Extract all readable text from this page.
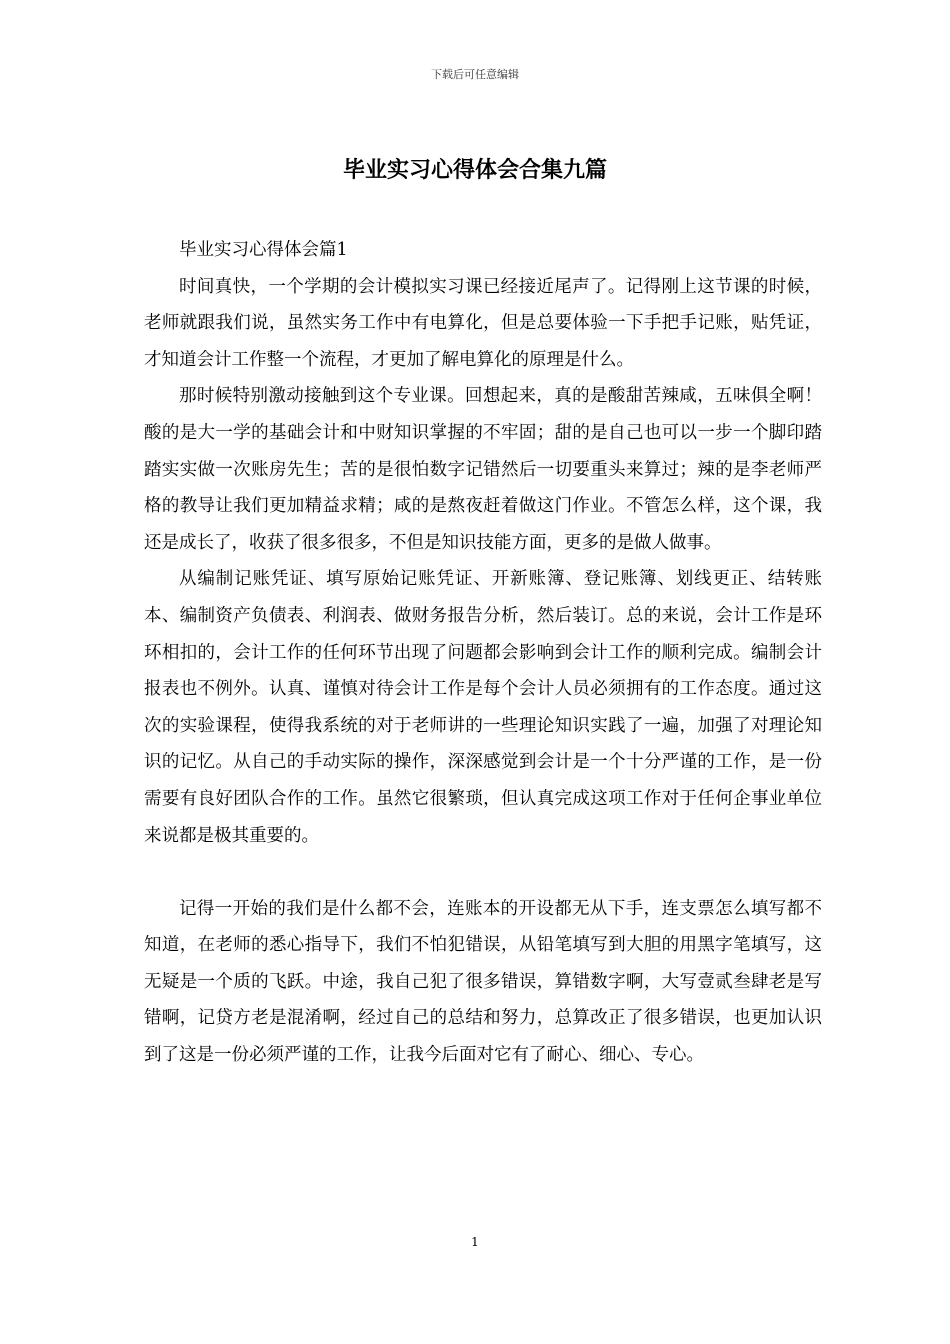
下载后可任意编辑
毕业实习心得体会合集九篇

毕业实习心得体会篇1

时间真快，一个学期的会计模拟实习课已经接近尾声了。记得刚上这节课的时候，老师就跟我们说，虽然实务工作中有电算化，但是总要体验一下手把手记账，贴凭证，才知道会计工作整一个流程，才更加了解电算化的原理是什么。

那时候特别激动接触到这个专业课。回想起来，真的是酸甜苦辣咸，五味俱全啊！酸的是大一学的基础会计和中财知识掌握的不牢固；甜的是自己也可以一步一个脚印踏踏实实做一次账房先生；苦的是很怕数字记错然后一切要重头来算过；辣的是李老师严格的教导让我们更加精益求精；咸的是熬夜赶着做这门作业。不管怎么样，这个课，我还是成长了，收获了很多很多，不但是知识技能方面，更多的是做人做事。

从编制记账凭证、填写原始记账凭证、开新账簿、登记账簿、划线更正、结转账本、编制资产负债表、利润表、做财务报告分析，然后装订。总的来说，会计工作是环环相扣的，会计工作的任何环节出现了问题都会影响到会计工作的顺利完成。编制会计报表也不例外。认真、谨慎对待会计工作是每个会计人员必须拥有的工作态度。通过这次的实验课程，使得我系统的对于老师讲的一些理论知识实践了一遍，加强了对理论知识的记忆。从自己的手动实际的操作，深深感觉到会计是一个十分严谨的工作，是一份需要有良好团队合作的工作。虽然它很繁琐，但认真完成这项工作对于任何企事业单位来说都是极其重要的。

记得一开始的我们是什么都不会，连账本的开设都无从下手，连支票怎么填写都不知道，在老师的悉心指导下，我们不怕犯错误，从铅笔填写到大胆的用黑字笔填写，这无疑是一个质的飞跃。中途，我自己犯了很多错误，算错数字啊，大写壹贰叁肆老是写错啊，记贷方老是混淆啊，经过自己的总结和努力，总算改正了很多错误，也更加认识到了这是一份必须严谨的工作，让我今后面对它有了耐心、细心、专心。

1
